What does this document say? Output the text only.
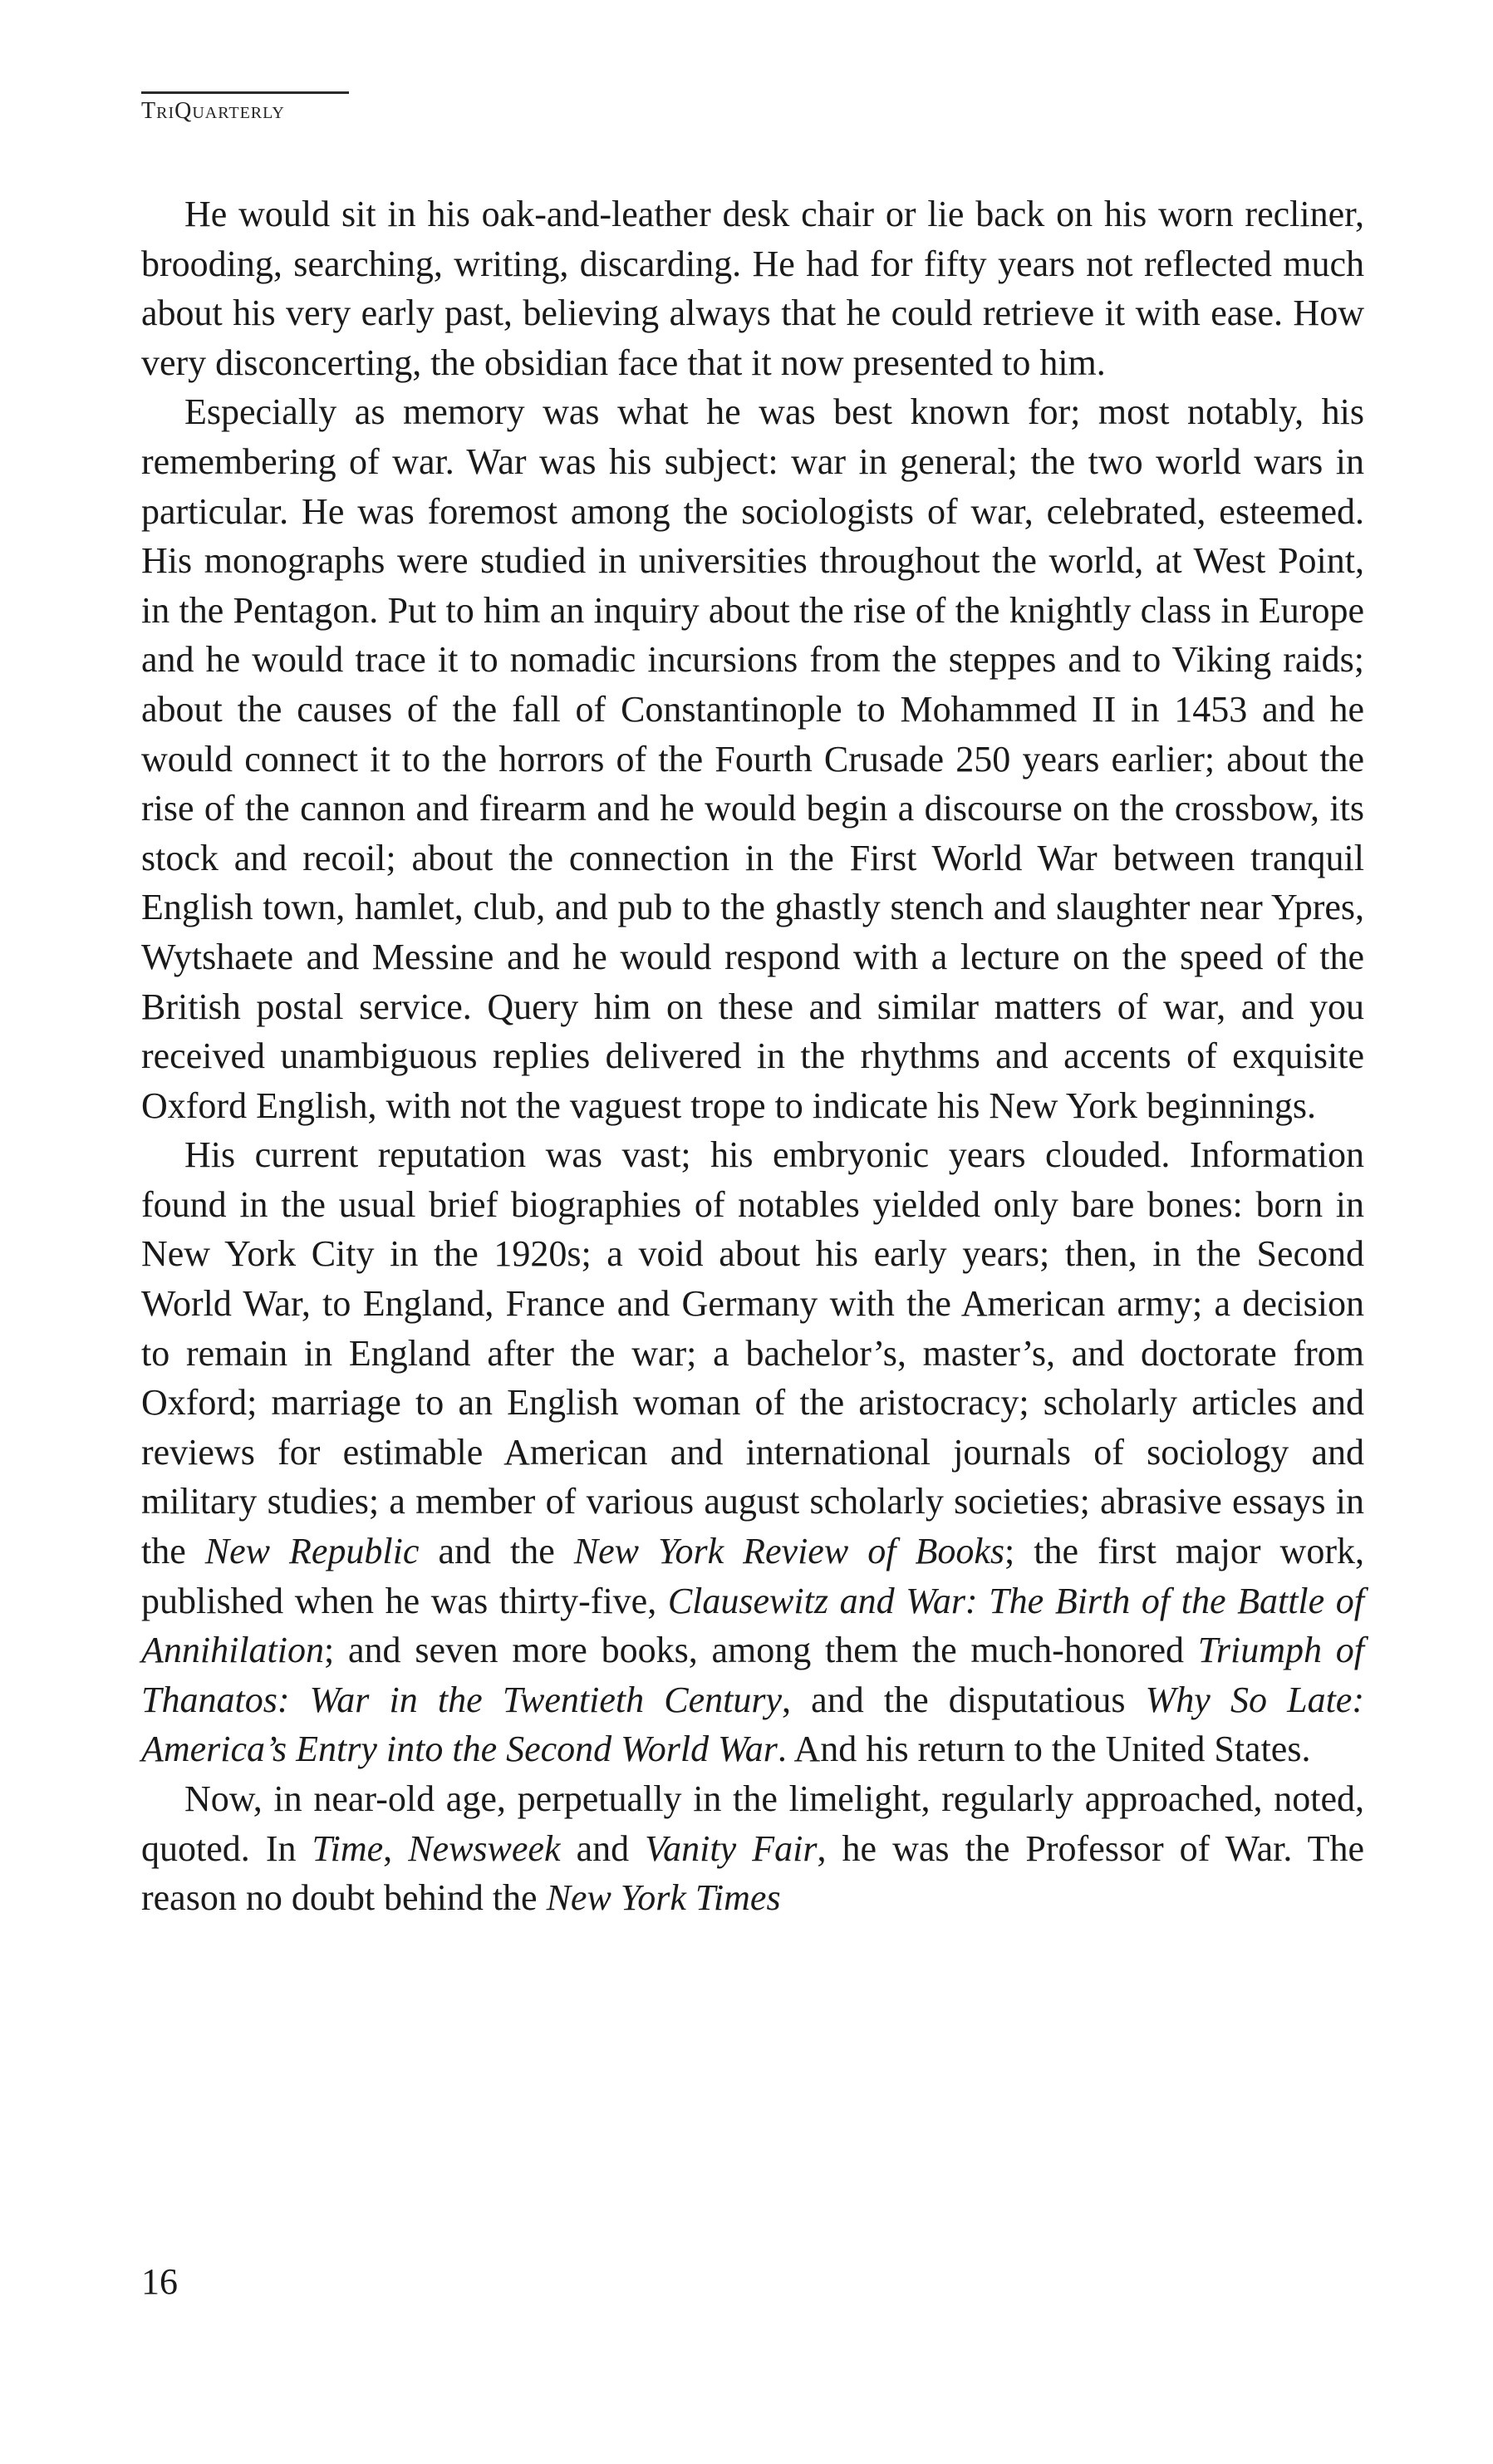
TriQuarterly

He would sit in his oak-and-leather desk chair or lie back on his worn recliner, brooding, searching, writing, discarding. He had for fifty years not reflected much about his very early past, believing always that he could retrieve it with ease. How very disconcerting, the obsidian face that it now presented to him.

Especially as memory was what he was best known for; most notably, his remembering of war. War was his subject: war in general; the two world wars in particular. He was foremost among the sociologists of war, celebrated, esteemed. His monographs were studied in universities throughout the world, at West Point, in the Pentagon. Put to him an inquiry about the rise of the knightly class in Europe and he would trace it to nomadic incursions from the steppes and to Viking raids; about the causes of the fall of Constantinople to Mohammed II in 1453 and he would connect it to the horrors of the Fourth Crusade 250 years earlier; about the rise of the cannon and firearm and he would begin a discourse on the crossbow, its stock and recoil; about the connection in the First World War between tranquil English town, hamlet, club, and pub to the ghastly stench and slaughter near Ypres, Wytshaete and Messine and he would respond with a lecture on the speed of the British postal service. Query him on these and similar matters of war, and you received unambiguous replies delivered in the rhythms and accents of exquisite Oxford English, with not the vaguest trope to indicate his New York beginnings.

His current reputation was vast; his embryonic years clouded. Information found in the usual brief biographies of notables yielded only bare bones: born in New York City in the 1920s; a void about his early years; then, in the Second World War, to England, France and Germany with the American army; a decision to remain in England after the war; a bachelor’s, master’s, and doctorate from Oxford; marriage to an English woman of the aristocracy; scholarly articles and reviews for estimable American and international journals of sociology and military studies; a member of various august scholarly societies; abrasive essays in the New Republic and the New York Review of Books; the first major work, published when he was thirty-five, Clausewitz and War: The Birth of the Battle of Annihilation; and seven more books, among them the much-honored Triumph of Thanatos: War in the Twentieth Century, and the disputatious Why So Late: America’s Entry into the Second World War. And his return to the United States.

Now, in near-old age, perpetually in the limelight, regularly approached, noted, quoted. In Time, Newsweek and Vanity Fair, he was the Professor of War. The reason no doubt behind the New York Times

16
